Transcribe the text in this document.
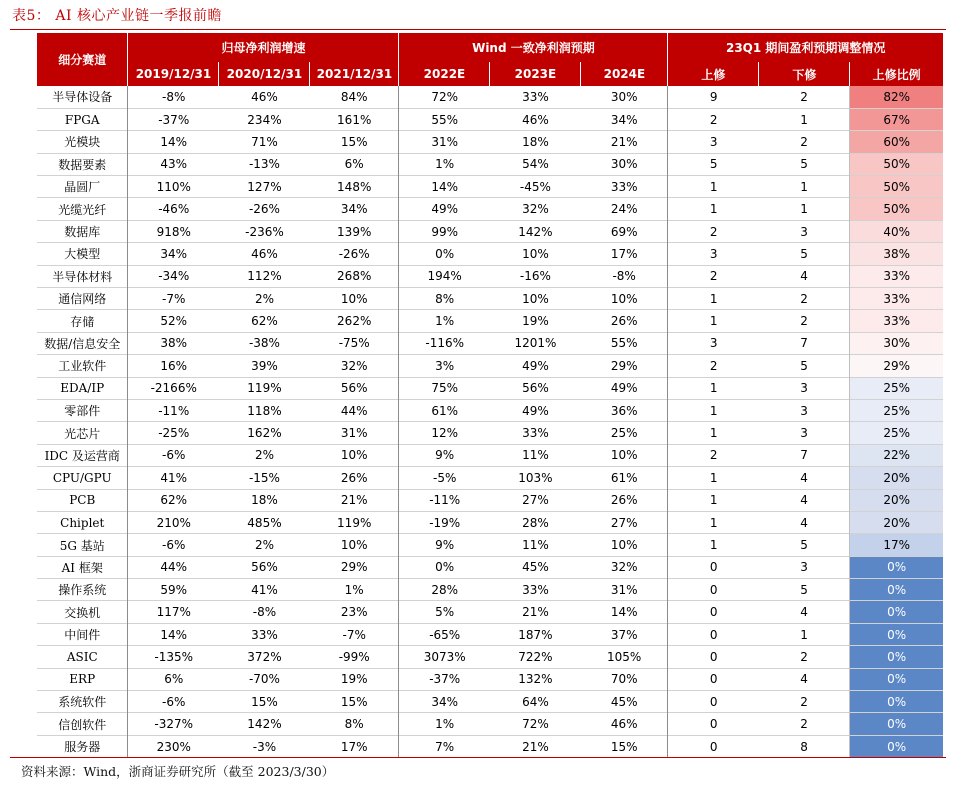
表5： AI 核心产业链一季报前瞻
细分赛道	归母净利润增速			Wind 一致净利润预期			23Q1 期间盈利预期调整情况		
	2019/12/31	2020/12/31	2021/12/31	2022E	2023E	2024E	上修	下修	上修比例
半导体设备	-8%	46%	84%	72%	33%	30%	9	2	82%
FPGA	-37%	234%	161%	55%	46%	34%	2	1	67%
光模块	14%	71%	15%	31%	18%	21%	3	2	60%
数据要素	43%	-13%	6%	1%	54%	30%	5	5	50%
晶圆厂	110%	127%	148%	14%	-45%	33%	1	1	50%
光缆光纤	-46%	-26%	34%	49%	32%	24%	1	1	50%
数据库	918%	-236%	139%	99%	142%	69%	2	3	40%
大模型	34%	46%	-26%	0%	10%	17%	3	5	38%
半导体材料	-34%	112%	268%	194%	-16%	-8%	2	4	33%
通信网络	-7%	2%	10%	8%	10%	10%	1	2	33%
存储	52%	62%	262%	1%	19%	26%	1	2	33%
数据/信息安全	38%	-38%	-75%	-116%	1201%	55%	3	7	30%
工业软件	16%	39%	32%	3%	49%	29%	2	5	29%
EDA/IP	-2166%	119%	56%	75%	56%	49%	1	3	25%
零部件	-11%	118%	44%	61%	49%	36%	1	3	25%
光芯片	-25%	162%	31%	12%	33%	25%	1	3	25%
IDC 及运营商	-6%	2%	10%	9%	11%	10%	2	7	22%
CPU/GPU	41%	-15%	26%	-5%	103%	61%	1	4	20%
PCB	62%	18%	21%	-11%	27%	26%	1	4	20%
Chiplet	210%	485%	119%	-19%	28%	27%	1	4	20%
5G 基站	-6%	2%	10%	9%	11%	10%	1	5	17%
AI 框架	44%	56%	29%	0%	45%	32%	0	3	0%
操作系统	59%	41%	1%	28%	33%	31%	0	5	0%
交换机	117%	-8%	23%	5%	21%	14%	0	4	0%
中间件	14%	33%	-7%	-65%	187%	37%	0	1	0%
ASIC	-135%	372%	-99%	3073%	722%	105%	0	2	0%
ERP	6%	-70%	19%	-37%	132%	70%	0	4	0%
系统软件	-6%	15%	15%	34%	64%	45%	0	2	0%
信创软件	-327%	142%	8%	1%	72%	46%	0	2	0%
服务器	230%	-3%	17%	7%	21%	15%	0	8	0%
资料来源：Wind，浙商证券研究所（截至 2023/3/30）
